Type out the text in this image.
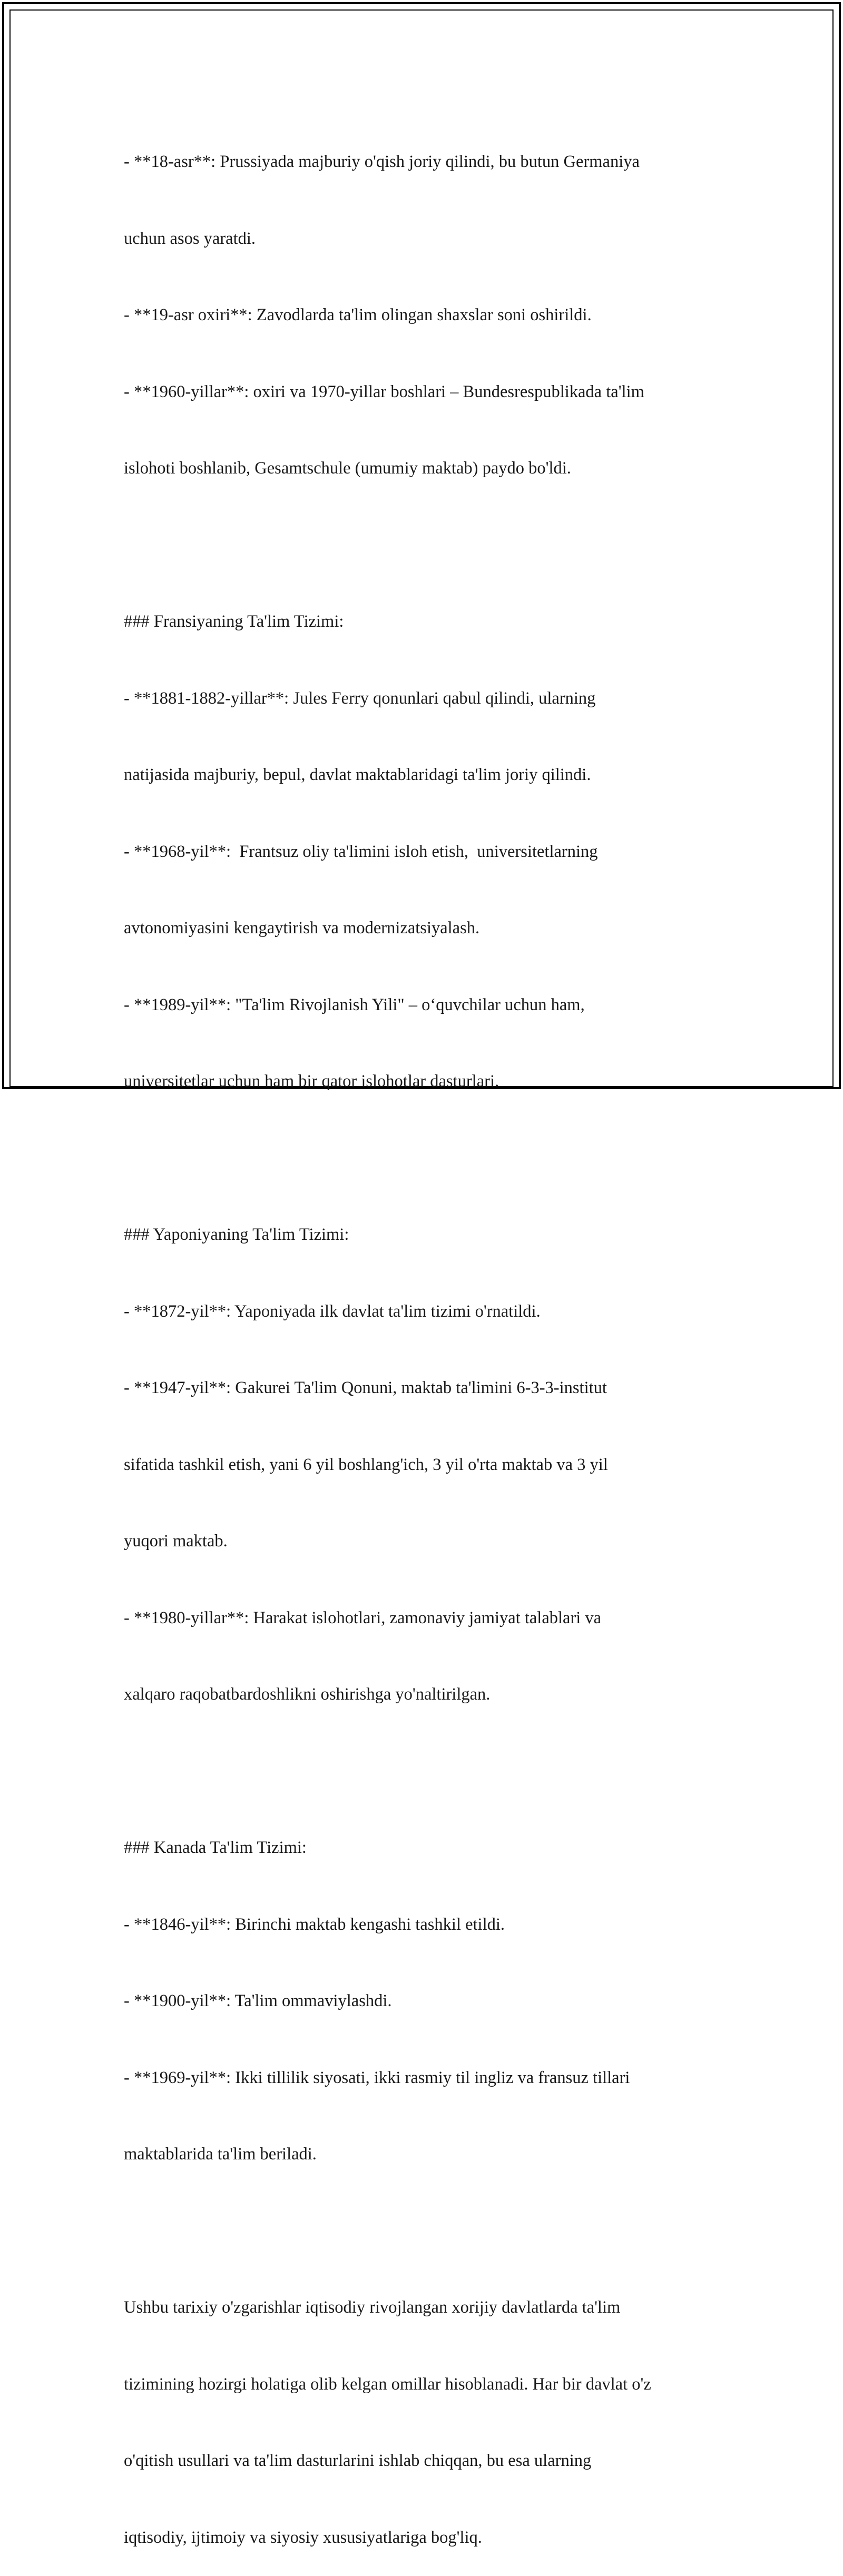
- **18-asr**: Prussiyada majburiy o'qish joriy qilindi, bu butun Germaniya

uchun asos yaratdi.

- **19-asr oxiri**: Zavodlarda ta'lim olingan shaxslar soni oshirildi.

- **1960-yillar**: oxiri va 1970-yillar boshlari – Bundesrespublikada ta'lim

islohoti boshlanib, Gesamtschule (umumiy maktab) paydo bo'ldi.

### Fransiyaning Ta'lim Tizimi:

- **1881-1882-yillar**: Jules Ferry qonunlari qabul qilindi, ularning

natijasida majburiy, bepul, davlat maktablaridagi ta'lim joriy qilindi.

- **1968-yil**:  Frantsuz oliy ta'limini isloh etish,  universitetlarning

avtonomiyasini kengaytirish va modernizatsiyalash.

- **1989-yil**: "Ta'lim Rivojlanish Yili" – oʻquvchilar uchun ham,

universitetlar uchun ham bir qator islohotlar dasturlari.

### Yaponiyaning Ta'lim Tizimi:

- **1872-yil**: Yaponiyada ilk davlat ta'lim tizimi o'rnatildi.

- **1947-yil**: Gakurei Ta'lim Qonuni, maktab ta'limini 6-3-3-institut

sifatida tashkil etish, yani 6 yil boshlang'ich, 3 yil o'rta maktab va 3 yil

yuqori maktab.

- **1980-yillar**: Harakat islohotlari, zamonaviy jamiyat talablari va

xalqaro raqobatbardoshlikni oshirishga yo'naltirilgan.

### Kanada Ta'lim Tizimi:

- **1846-yil**: Birinchi maktab kengashi tashkil etildi.

- **1900-yil**: Ta'lim ommaviylashdi.

- **1969-yil**: Ikki tillilik siyosati, ikki rasmiy til ingliz va fransuz tillari

maktablarida ta'lim beriladi.

Ushbu tarixiy o'zgarishlar iqtisodiy rivojlangan xorijiy davlatlarda ta'lim

tizimining hozirgi holatiga olib kelgan omillar hisoblanadi. Har bir davlat o'z

o'qitish usullari va ta'lim dasturlarini ishlab chiqqan, bu esa ularning

iqtisodiy, ijtimoiy va siyosiy xususiyatlariga bog'liq.
